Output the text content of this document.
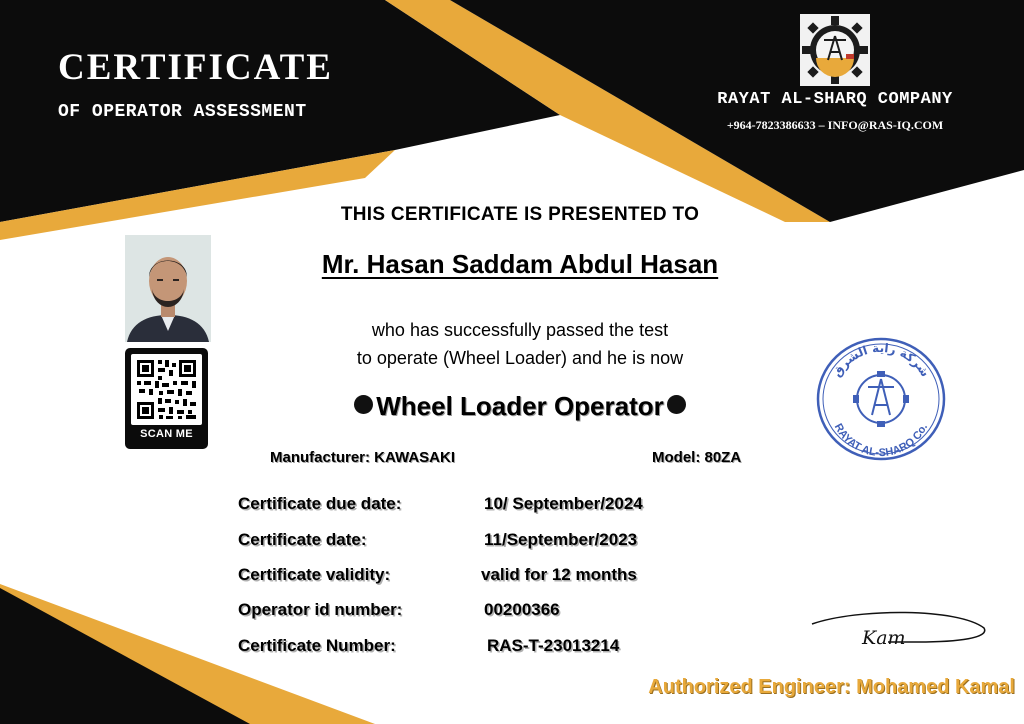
CERTIFICATE
OF OPERATOR ASSESSMENT
RAYAT AL-SHARQ COMPANY
+964-7823386633 – INFO@RAS-IQ.COM
THIS CERTIFICATE IS PRESENTED TO
Mr. Hasan Saddam Abdul Hasan
who has successfully passed the test
to operate (Wheel Loader) and he is now
Wheel Loader Operator
Manufacturer: KAWASAKI	Model: 80ZA
Certificate due date:	10/ September/2024
Certificate date:	11/September/2023
Certificate validity:	valid for 12 months
Operator id number:	00200366
Certificate Number:	RAS-T-23013214
SCAN ME
شركة راية الشرق
RAYAT AL-SHARQ Co.
Kam
Authorized Engineer: Mohamed Kamal
